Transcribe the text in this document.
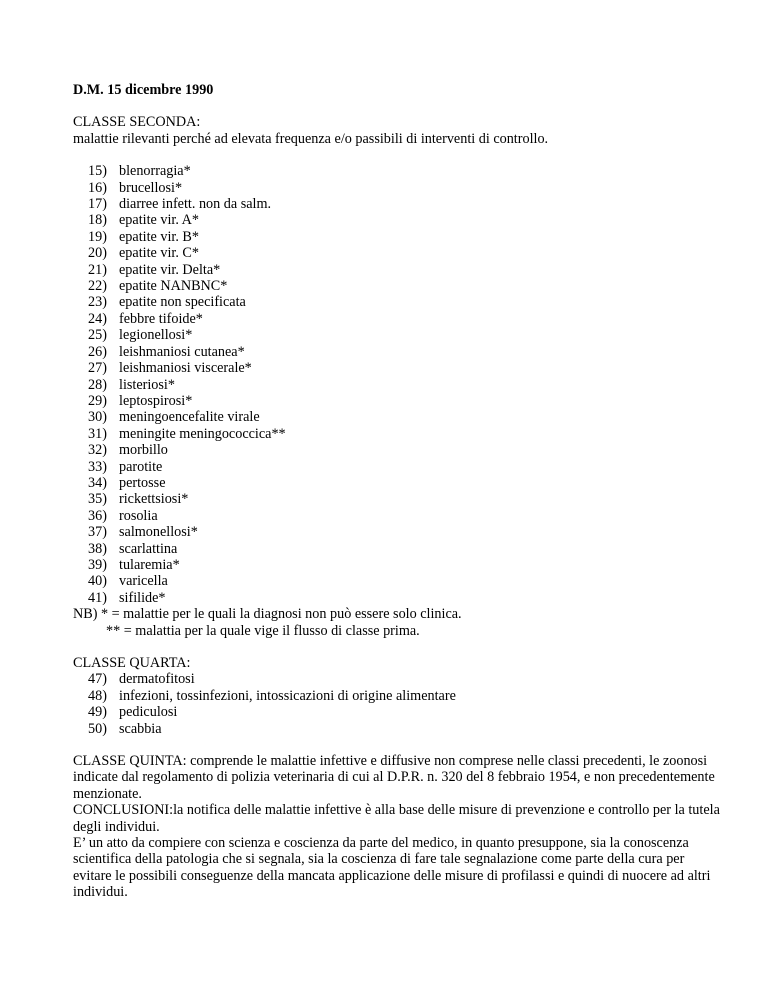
D.M. 15 dicembre 1990

CLASSE SECONDA:

malattie rilevanti perché ad elevata frequenza e/o passibili di interventi di controllo.

15) blenorragia*
16) brucellosi*
17) diarree infett. non da salm.
18) epatite vir. A*
19) epatite vir. B*
20) epatite vir. C*
21) epatite vir. Delta*
22) epatite NANBNC*
23) epatite non specificata
24) febbre tifoide*
25) legionellosi*
26) leishmaniosi cutanea*
27) leishmaniosi viscerale*
28) listeriosi*
29) leptospirosi*
30) meningoencefalite virale
31) meningite meningococcica**
32) morbillo
33) parotite
34) pertosse
35) rickettsiosi*
36) rosolia
37) salmonellosi*
38) scarlattina
39) tularemia*
40) varicella
41) sifilide*

NB) * = malattie per le quali la diagnosi non può essere solo clinica.

** = malattia per la quale vige il flusso di classe prima.

CLASSE QUARTA:

47) dermatofitosi
48) infezioni, tossinfezioni, intossicazioni di origine alimentare
49) pediculosi
50) scabbia

CLASSE QUINTA: comprende le malattie infettive e diffusive non comprese nelle classi precedenti, le zoonosi indicate dal regolamento di polizia veterinaria di cui al D.P.R. n. 320 del 8 febbraio 1954, e non precedentemente menzionate.

CONCLUSIONI:la notifica delle malattie infettive è alla base delle misure di prevenzione e controllo per la tutela degli individui.

E’ un atto da compiere con scienza e coscienza da parte del medico, in quanto presuppone, sia la conoscenza scientifica della patologia che si segnala, sia la coscienza di fare tale segnalazione come parte della cura per evitare le possibili conseguenze della mancata applicazione delle misure di profilassi e quindi di nuocere ad altri individui.
